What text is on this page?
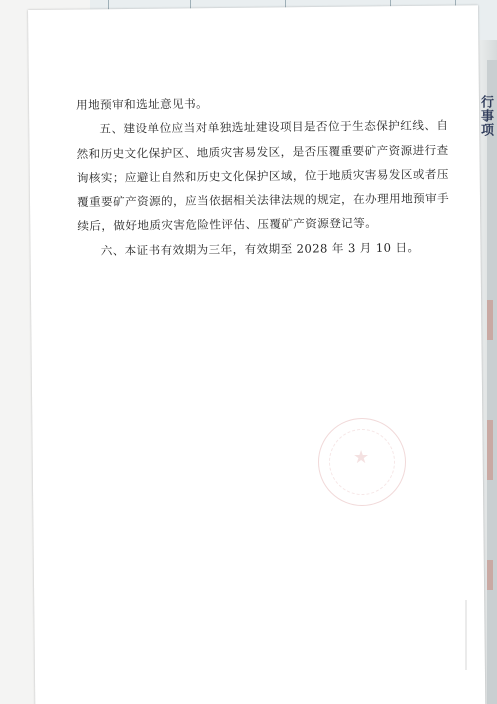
行事项

用地预审和选址意见书。

五、建设单位应当对单独选址建设项目是否位于生态保护红线、自然和历史文化保护区、地质灾害易发区，是否压覆重要矿产资源进行查询核实；应避让自然和历史文化保护区域，位于地质灾害易发区或者压覆重要矿产资源的，应当依据相关法律法规的规定，在办理用地预审手续后，做好地质灾害危险性评估、压覆矿产资源登记等。

六、本证书有效期为三年，有效期至 2028 年 3 月 10 日。

★
